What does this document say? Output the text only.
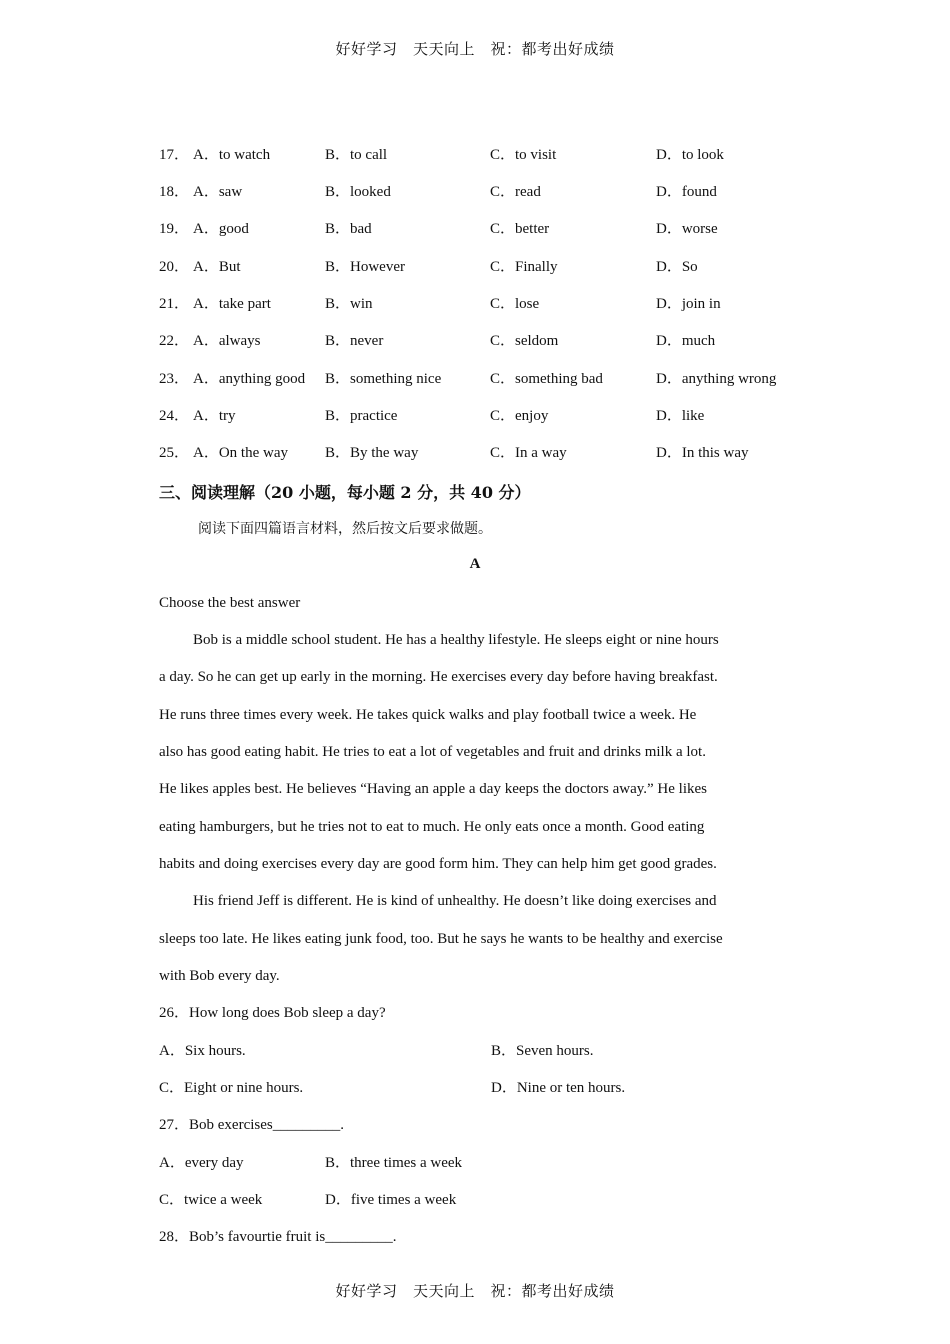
好好学习　天天向上　祝：都考出好成绩
17． A．to watch	B．to call	C．to visit	D．to look
18． A．saw	B．looked	C．read	D．found
19． A．good	B．bad	C．better	D．worse
20． A．But	B．However	C．Finally	D．So
21． A．take part	B．win	C．lose	D．join in
22． A．always	B．never	C．seldom	D．much
23． A．anything good B．something nice	C．something bad	D．anything wrong
24． A．try	B．practice	C．enjoy	D．like
25． A．On the way B．By the way	C．In a way	D．In this way
三、阅读理解（20 小题，每小题 2 分，共 40 分）
阅读下面四篇语言材料，然后按文后要求做题。
A
Choose the best answer
Bob is a middle school student. He has a healthy lifestyle. He sleeps eight or nine hours
a day. So he can get up early in the morning. He exercises every day before having breakfast.
He runs three times every week. He takes quick walks and play football twice a week. He
also has good eating habit. He tries to eat a lot of vegetables and fruit and drinks milk a lot.
He likes apples best. He believes “Having an apple a day keeps the doctors away.” He likes
eating hamburgers, but he tries not to eat to much. He only eats once a month. Good eating
habits and doing exercises every day are good form him. They can help him get good grades.
His friend Jeff is different. He is kind of unhealthy. He doesn’t like doing exercises and
sleeps too late. He likes eating junk food, too. But he says he wants to be healthy and exercise
with Bob every day.
26．How long does Bob sleep a day?
A．Six hours.	B．Seven hours.
C．Eight or nine hours.	D．Nine or ten hours.
27．Bob exercises_________.
A．every day	B．three times a week
C．twice a week	D．five times a week
28．Bob’s favourtie fruit is_________.
好好学习　天天向上　祝：都考出好成绩
